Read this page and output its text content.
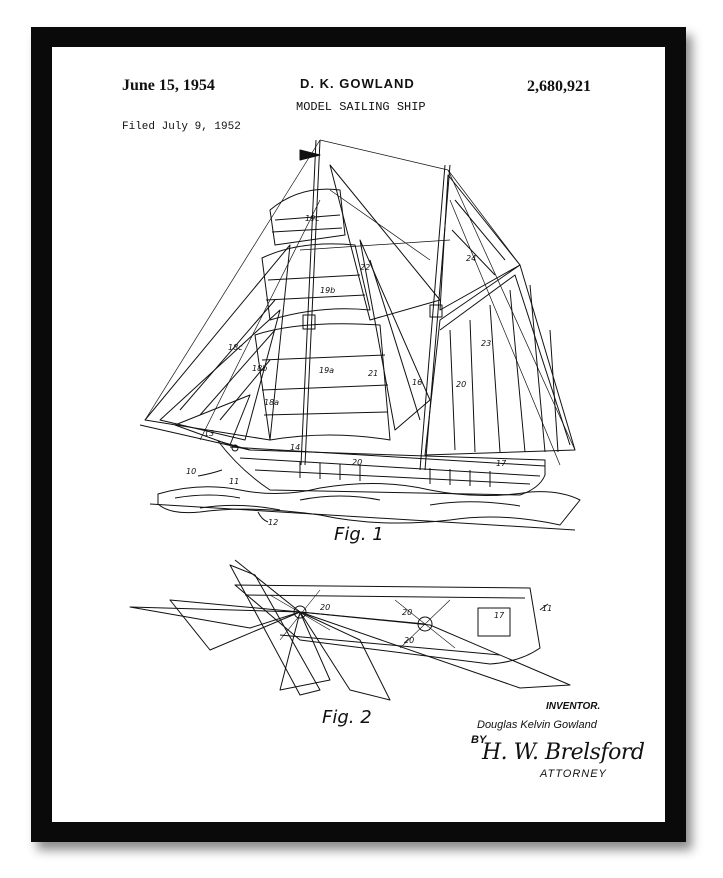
June 15, 1954	D. K. GOWLAND
MODEL SAILING SHIP
2,680,921
Filed July 9, 1952
19c
22
24
19b
18c	23
18b	19a	21
16	20
18a
13
14
20	17
10
11
12
20
20
20
17
11
Fig. 1
Fig. 2
INVENTOR.
Douglas Kelvin Gowland
BY
H. W. Brelsford
ATTORNEY
